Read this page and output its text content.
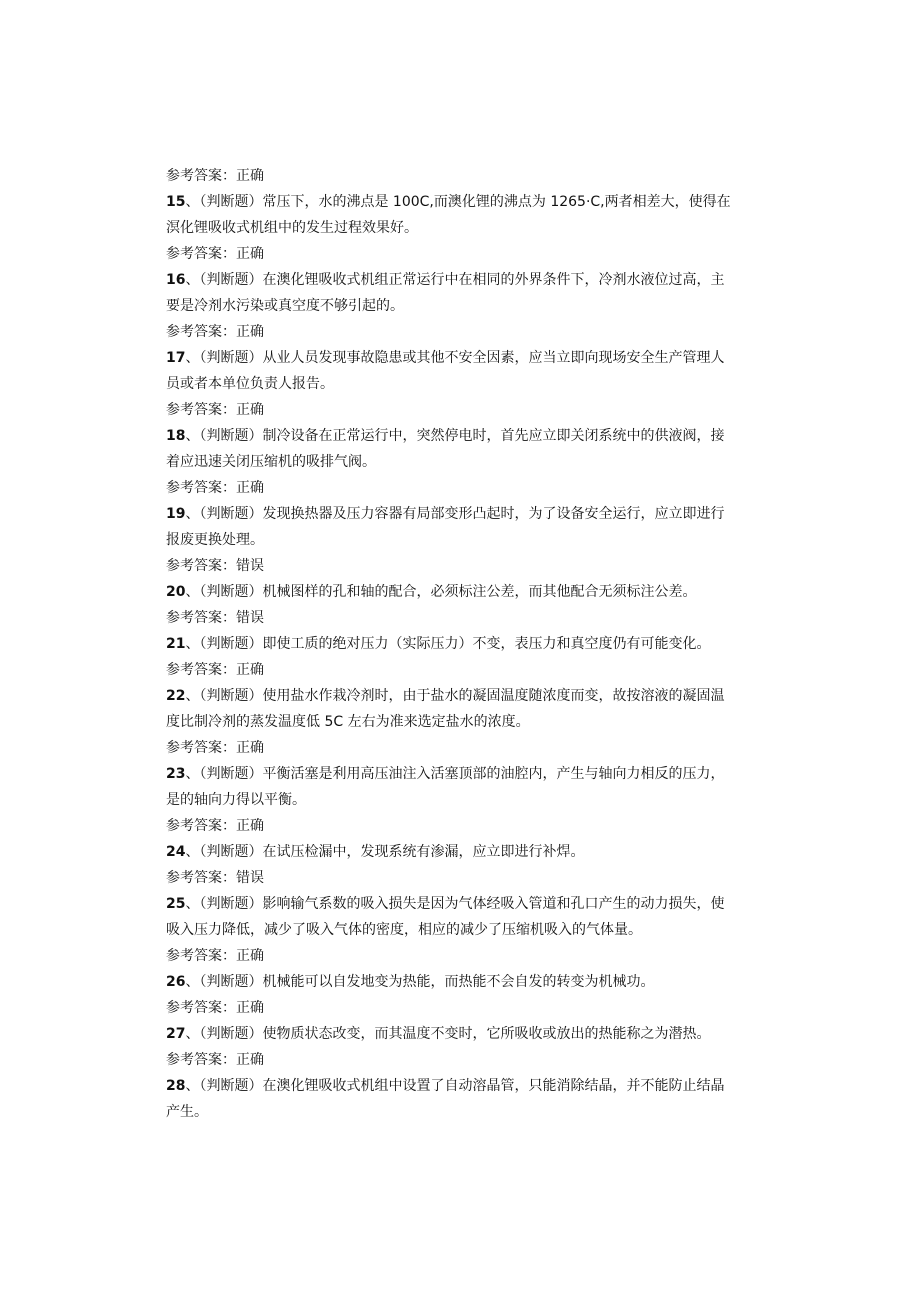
参考答案：正确
15、（判断题）常压下，水的沸点是 100C,而澳化锂的沸点为 1265·C,两者相差大，使得在
溟化锂吸收式机组中的发生过程效果好。
参考答案：正确
16、（判断题）在澳化锂吸收式机组正常运行中在相同的外界条件下，冷剂水液位过高，主
要是冷剂水污染或真空度不够引起的。
参考答案：正确
17、（判断题）从业人员发现事故隐患或其他不安全因素，应当立即向现场安全生产管理人
员或者本单位负责人报告。
参考答案：正确
18、（判断题）制冷设备在正常运行中，突然停电时，首先应立即关闭系统中的供液阀，接
着应迅速关闭压缩机的吸排气阀。
参考答案：正确
19、（判断题）发现换热器及压力容器有局部变形凸起时，为了设备安全运行，应立即进行
报废更换处理。
参考答案：错误
20、（判断题）机械图样的孔和轴的配合，必须标注公差，而其他配合无须标注公差。
参考答案：错误
21、（判断题）即使工质的绝对压力（实际压力）不变，表压力和真空度仍有可能变化。
参考答案：正确
22、（判断题）使用盐水作栽冷剂时，由于盐水的凝固温度随浓度而变，故按溶液的凝固温
度比制冷剂的蒸发温度低 5C 左右为准来选定盐水的浓度。
参考答案：正确
23、（判断题）平衡活塞是利用高压油注入活塞顶部的油腔内，产生与轴向力相反的压力，
是的轴向力得以平衡。
参考答案：正确
24、（判断题）在试压检漏中，发现系统有渗漏，应立即进行补焊。
参考答案：错误
25、（判断题）影响输气系数的吸入损失是因为气体经吸入管道和孔口产生的动力损失，使
吸入压力降低，减少了吸入气体的密度，相应的减少了压缩机吸入的气体量。
参考答案：正确
26、（判断题）机械能可以自发地变为热能，而热能不会自发的转变为机械功。
参考答案：正确
27、（判断题）使物质状态改变，而其温度不变时，它所吸收或放出的热能称之为潜热。
参考答案：正确
28、（判断题）在澳化锂吸收式机组中设置了自动溶晶管，只能消除结晶，并不能防止结晶
产生。
